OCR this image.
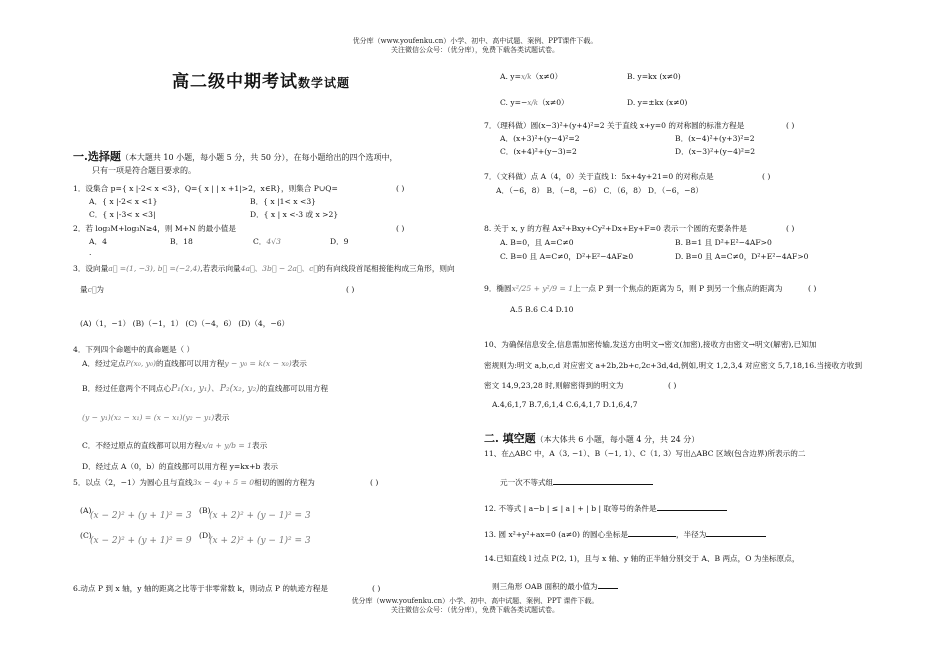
优分库（www.youfenku.cn）小学、初中、高中试题、案例、PPT课件下载。
关注微信公众号：（优分库），免费下载各类试题试卷。
高二级中期考试数学试题
一.选择题（本大题共 10 小题，每小题 5 分，共 50 分），在每小题给出的四个选项中，
只有一项是符合题目要求的。
1．设集合 p={ x |-2< x <3}，Q={ x | | x +1|>2，x∈R}，则集合 P∪Q=	( )
A．{ x |-2< x <1}	B．{ x |1< x <3}
C．{ x |-3< x <3|	D．{ x | x <-3 或 x >2}
2．若 log₃M+log₃N≥4，则 M+N 的最小值是	( )
A．4	B．18	C．4√3	D．9
.
3．设向量a⃗ =(1, −3), b⃗ =(−2,4),若表示向量4a⃗、3b⃗ − 2a⃗、c⃗的有向线段首尾相接能构成三角形，则向
量c⃗为	( )
(A)（1，−1） (B)（−1，1） (C)（−4，6） (D)（4，−6）
4．下列四个命题中的真命题是（ ）
A．经过定点P(x₀, y₀)的直线都可以用方程y − y₀ = k(x − x₀)表示
B．经过任意两个不同点心P₁(x₁, y₁)、P₂(x₂, y₂)的直线都可以用方程
(y − y₁)(x₂ − x₁) = (x − x₁)(y₂ − y₁)表示
C．不经过原点的直线都可以用方程x/a + y/b = 1表示
D．经过点 A（0，b）的直线都可以用方程 y=kx+b 表示
5．以点（2，−1）为圆心且与直线3x − 4y + 5 = 0相切的圆的方程为	( )
(A)
(x − 2)² + (y + 1)² = 3
(B)
(x + 2)² + (y − 1)² = 3
(C)
(x − 2)² + (y + 1)² = 9
(D)
(x + 2)² + (y − 1)² = 3
6.动点 P 到 x 轴，y 轴的距离之比等于非零常数 k，则动点 P 的轨迹方程是	( )
A. y=x/k（x≠0）	B. y=kx (x≠0)
C. y=−x/k（x≠0）	D. y=±kx (x≠0)
7．（理科做）圆(x−3)²+(y+4)²=2 关于直线 x+y=0 的对称圆的标准方程是	( )
A．(x+3)²+(y−4)²=2	B．(x−4)²+(y+3)²=2
C．(x+4)²+(y−3)=2	D．(x−3)²+(y−4)²=2
7．（文科做）点 A（4，0）关于直线 l：5x+4y+21=0 的对称点是	( )
A．（−6，8） B．（−8，−6） C．（6，8） D．（−6，−8）
8. 关于 x, y 的方程 Ax²+Bxy+Cy²+Dx+Ey+F=0 表示一个圆的充要条件是	( )
A. B=0，且 A=C≠0	B. B=1 且 D²+E²−4AF>0
C. B=0 且 A=C≠0，D²+E²−4AF≥0	D. B=0 且 A=C≠0，D²+E²−4AF>0
9．椭圆x²/25 + y²/9 = 1上一点 P 到一个焦点的距离为 5，则 P 到另一个焦点的距离为	( )
A.5 B.6 C.4 D.10
10、为确保信息安全,信息需加密传输,发送方由明文→密文(加密),接收方由密文→明文(解密),已知加
密规则为:明文 a,b,c,d 对应密文 a+2b,2b+c,2c+3d,4d,例如,明文 1,2,3,4 对应密文 5,7,18,16.当接收方收到
密文 14,9,23,28 时,则解密得到的明文为	( )
A.4,6,1,7 B.7,6,1,4 C.6,4,1,7 D.1,6,4,7
二. 填空题（本大体共 6 小题，每小题 4 分，共 24 分）
11、在△ABC 中，A（3, −1）、B（−1, 1）、C（1, 3）写出△ABC 区域(包含边界)所表示的二
元一次不等式组
12. 不等式 | a−b | ≤ | a | + | b | 取等号的条件是
13. 圆 x²+y²+ax=0 (a≠0) 的圆心坐标是	，半径为
14.已知直线 l 过点 P(2, 1)，且与 x 轴、y 轴的正半轴分别交于 A、B 两点，O 为坐标原点，
则三角形 OAB 面积的最小值为
优分库（www.youfenku.cn）小学、初中、高中试题、案例、PPT 课件下载。
关注微信公众号：（优分库），免费下载各类试题试卷。
